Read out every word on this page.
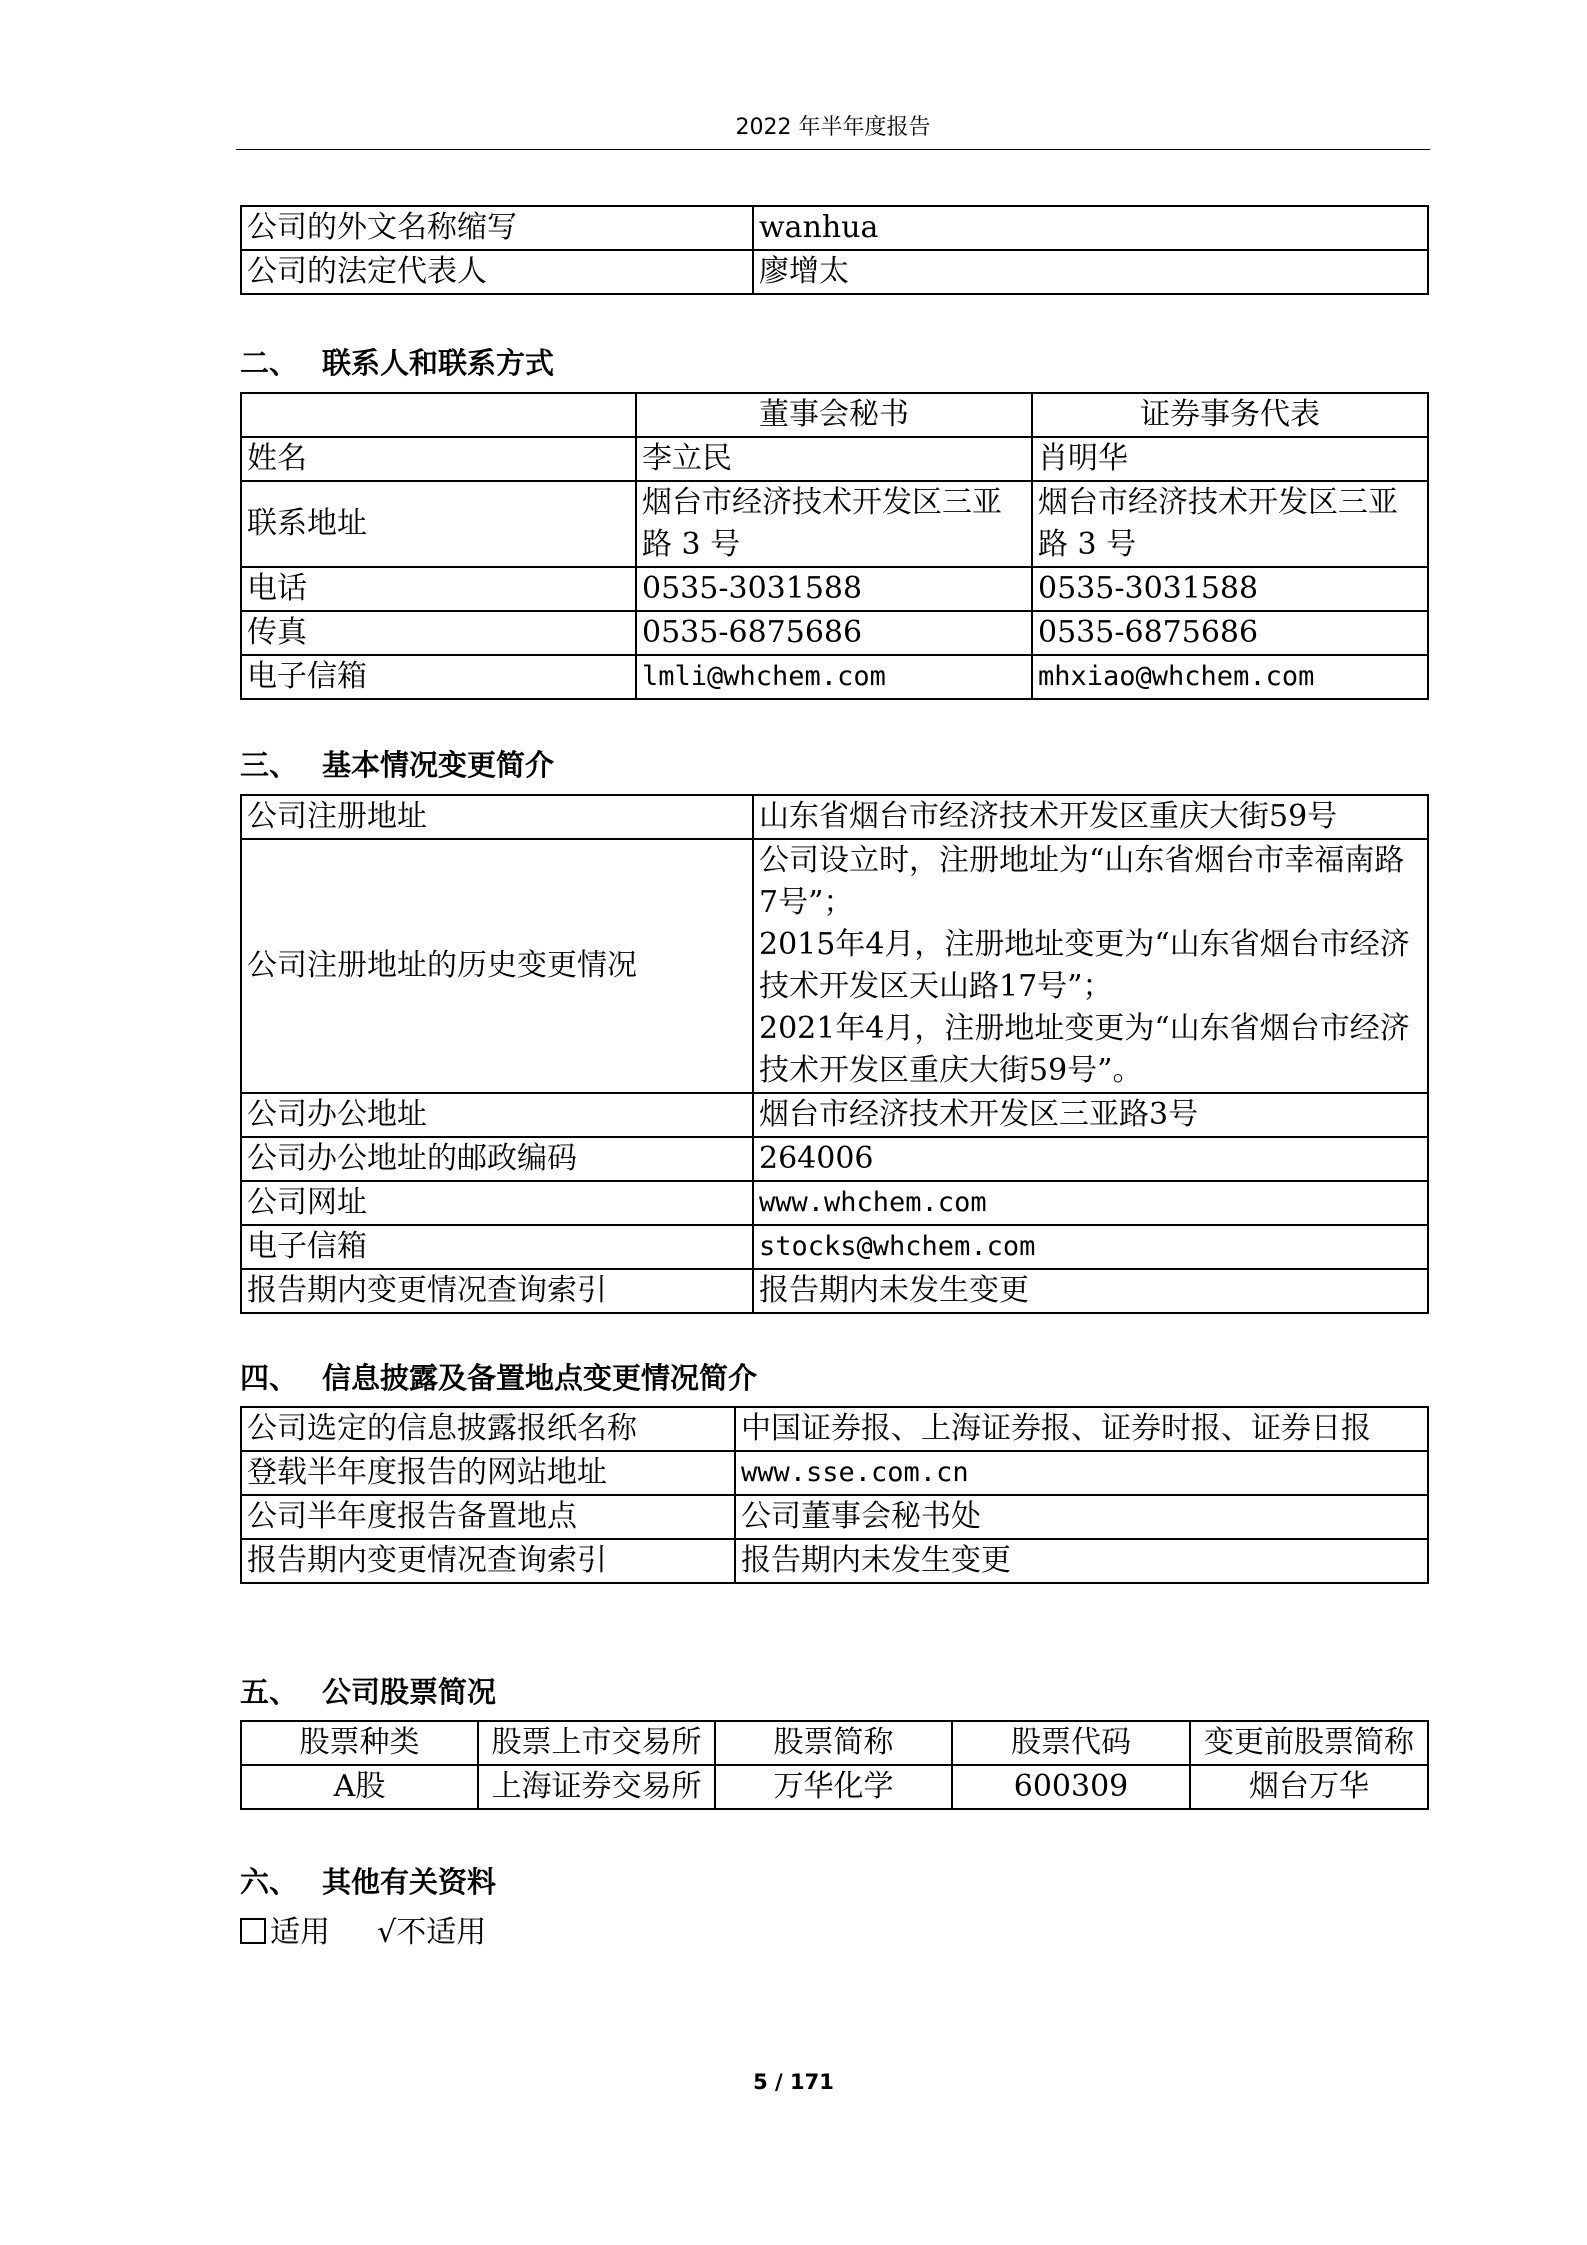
2022 年半年度报告
公司的外文名称缩写	wanhua
公司的法定代表人	廖增太
二、 联系人和联系方式
	董事会秘书	证券事务代表
姓名	李立民	肖明华
联系地址	烟台市经济技术开发区三亚路 3 号	烟台市经济技术开发区三亚路 3 号
电话	0535-3031588	0535-3031588
传真	0535-6875686	0535-6875686
电子信箱	lmli@whchem.com	mhxiao@whchem.com
三、 基本情况变更简介
公司注册地址	山东省烟台市经济技术开发区重庆大街59号
公司注册地址的历史变更情况	公司设立时，注册地址为“山东省烟台市幸福南路7号”；
2015年4月，注册地址变更为“山东省烟台市经济技术开发区天山路17号”；
2021年4月，注册地址变更为“山东省烟台市经济技术开发区重庆大街59号”。

公司办公地址	烟台市经济技术开发区三亚路3号
公司办公地址的邮政编码	264006
公司网址	www.whchem.com
电子信箱	stocks@whchem.com
报告期内变更情况查询索引	报告期内未发生变更
四、 信息披露及备置地点变更情况简介
公司选定的信息披露报纸名称	中国证券报、上海证券报、证券时报、证券日报
登载半年度报告的网站地址	www.sse.com.cn
公司半年度报告备置地点	公司董事会秘书处
报告期内变更情况查询索引	报告期内未发生变更
五、 公司股票简况
股票种类	股票上市交易所	股票简称	股票代码	变更前股票简称
A股	上海证券交易所	万华化学	600309	烟台万华
六、 其他有关资料
适用 √不适用
5 / 171
